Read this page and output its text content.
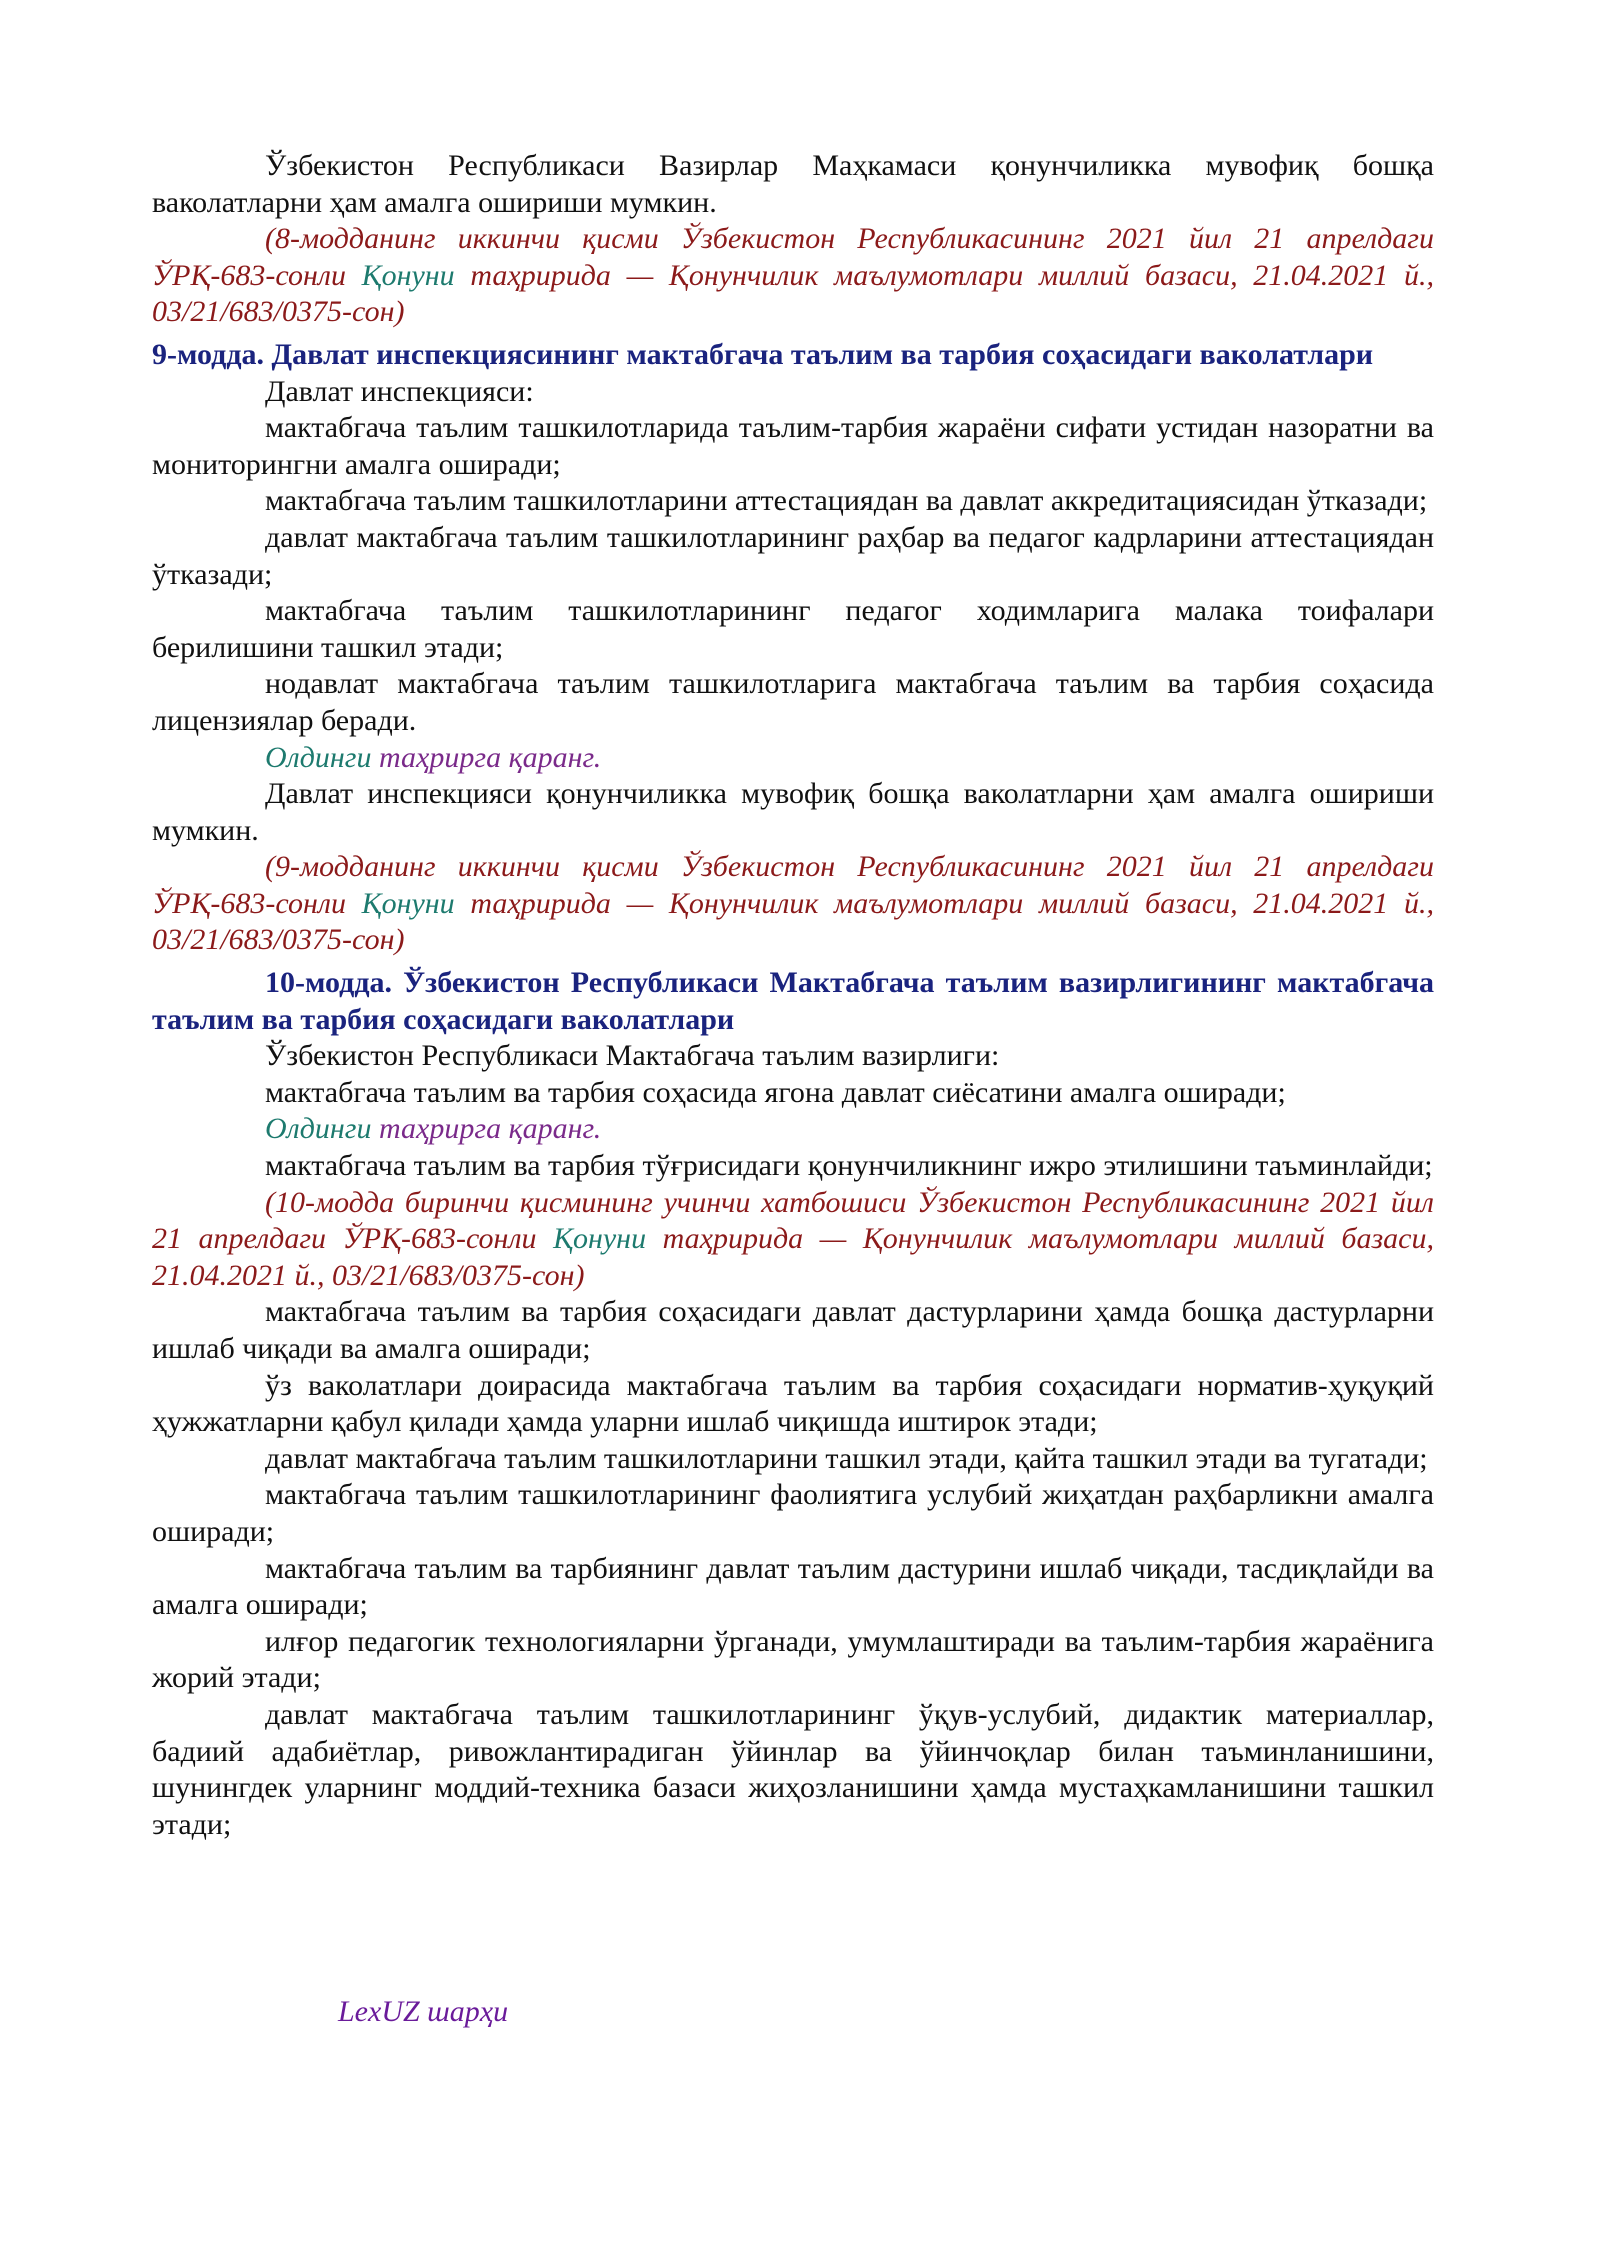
Ўзбекистон Республикаси Вазирлар Маҳкамаси қонунчиликка мувофиқ бошқа ваколатларни ҳам амалга ошириши мумкин.

(8-модданинг иккинчи қисми Ўзбекистон Республикасининг 2021 йил 21 апрелдаги ЎРҚ-683-сонли Қонуни таҳририда — Қонунчилик маълумотлари миллий базаси, 21.04.2021 й., 03/21/683/0375-сон)

9-модда. Давлат инспекциясининг мактабгача таълим ва тарбия соҳасидаги ваколатлари

Давлат инспекцияси:

мактабгача таълим ташкилотларида таълим-тарбия жараёни сифати устидан назоратни ва мониторингни амалга оширади;

мактабгача таълим ташкилотларини аттестациядан ва давлат аккредитациясидан ўтказади;

давлат мактабгача таълим ташкилотларининг раҳбар ва педагог кадрларини аттестациядан ўтказади;

мактабгача таълим ташкилотларининг педагог ходимларига малака тоифалари берилишини ташкил этади;

нодавлат мактабгача таълим ташкилотларига мактабгача таълим ва тарбия соҳасида лицензиялар беради.

Олдинги таҳрирга қаранг.

Давлат инспекцияси қонунчиликка мувофиқ бошқа ваколатларни ҳам амалга ошириши мумкин.

(9-модданинг иккинчи қисми Ўзбекистон Республикасининг 2021 йил 21 апрелдаги ЎРҚ-683-сонли Қонуни таҳририда — Қонунчилик маълумотлари миллий базаси, 21.04.2021 й., 03/21/683/0375-сон)

10-модда. Ўзбекистон Республикаси Мактабгача таълим вазирлигининг мактабгача таълим ва тарбия соҳасидаги ваколатлари

Ўзбекистон Республикаси Мактабгача таълим вазирлиги:

мактабгача таълим ва тарбия соҳасида ягона давлат сиёсатини амалга оширади;

Олдинги таҳрирга қаранг.

мактабгача таълим ва тарбия тўғрисидаги қонунчиликнинг ижро этилишини таъминлайди;

(10-модда биринчи қисмининг учинчи хатбошиси Ўзбекистон Республикасининг 2021 йил 21 апрелдаги ЎРҚ-683-сонли Қонуни таҳририда — Қонунчилик маълумотлари миллий базаси, 21.04.2021 й., 03/21/683/0375-сон)

мактабгача таълим ва тарбия соҳасидаги давлат дастурларини ҳамда бошқа дастурларни ишлаб чиқади ва амалга оширади;

ўз ваколатлари доирасида мактабгача таълим ва тарбия соҳасидаги норматив-ҳуқуқий ҳужжатларни қабул қилади ҳамда уларни ишлаб чиқишда иштирок этади;

давлат мактабгача таълим ташкилотларини ташкил этади, қайта ташкил этади ва тугатади;

мактабгача таълим ташкилотларининг фаолиятига услубий жиҳатдан раҳбарликни амалга оширади;

мактабгача таълим ва тарбиянинг давлат таълим дастурини ишлаб чиқади, тасдиқлайди ва амалга оширади;

илғор педагогик технологияларни ўрганади, умумлаштиради ва таълим-тарбия жараёнига жорий этади;

давлат мактабгача таълим ташкилотларининг ўқув-услубий, дидактик материаллар, бадиий адабиётлар, ривожлантирадиган ўйинлар ва ўйинчоқлар билан таъминланишини, шунингдек уларнинг моддий-техника базаси жиҳозланишини ҳамда мустаҳкамланишини ташкил этади;

LexUZ шарҳи
